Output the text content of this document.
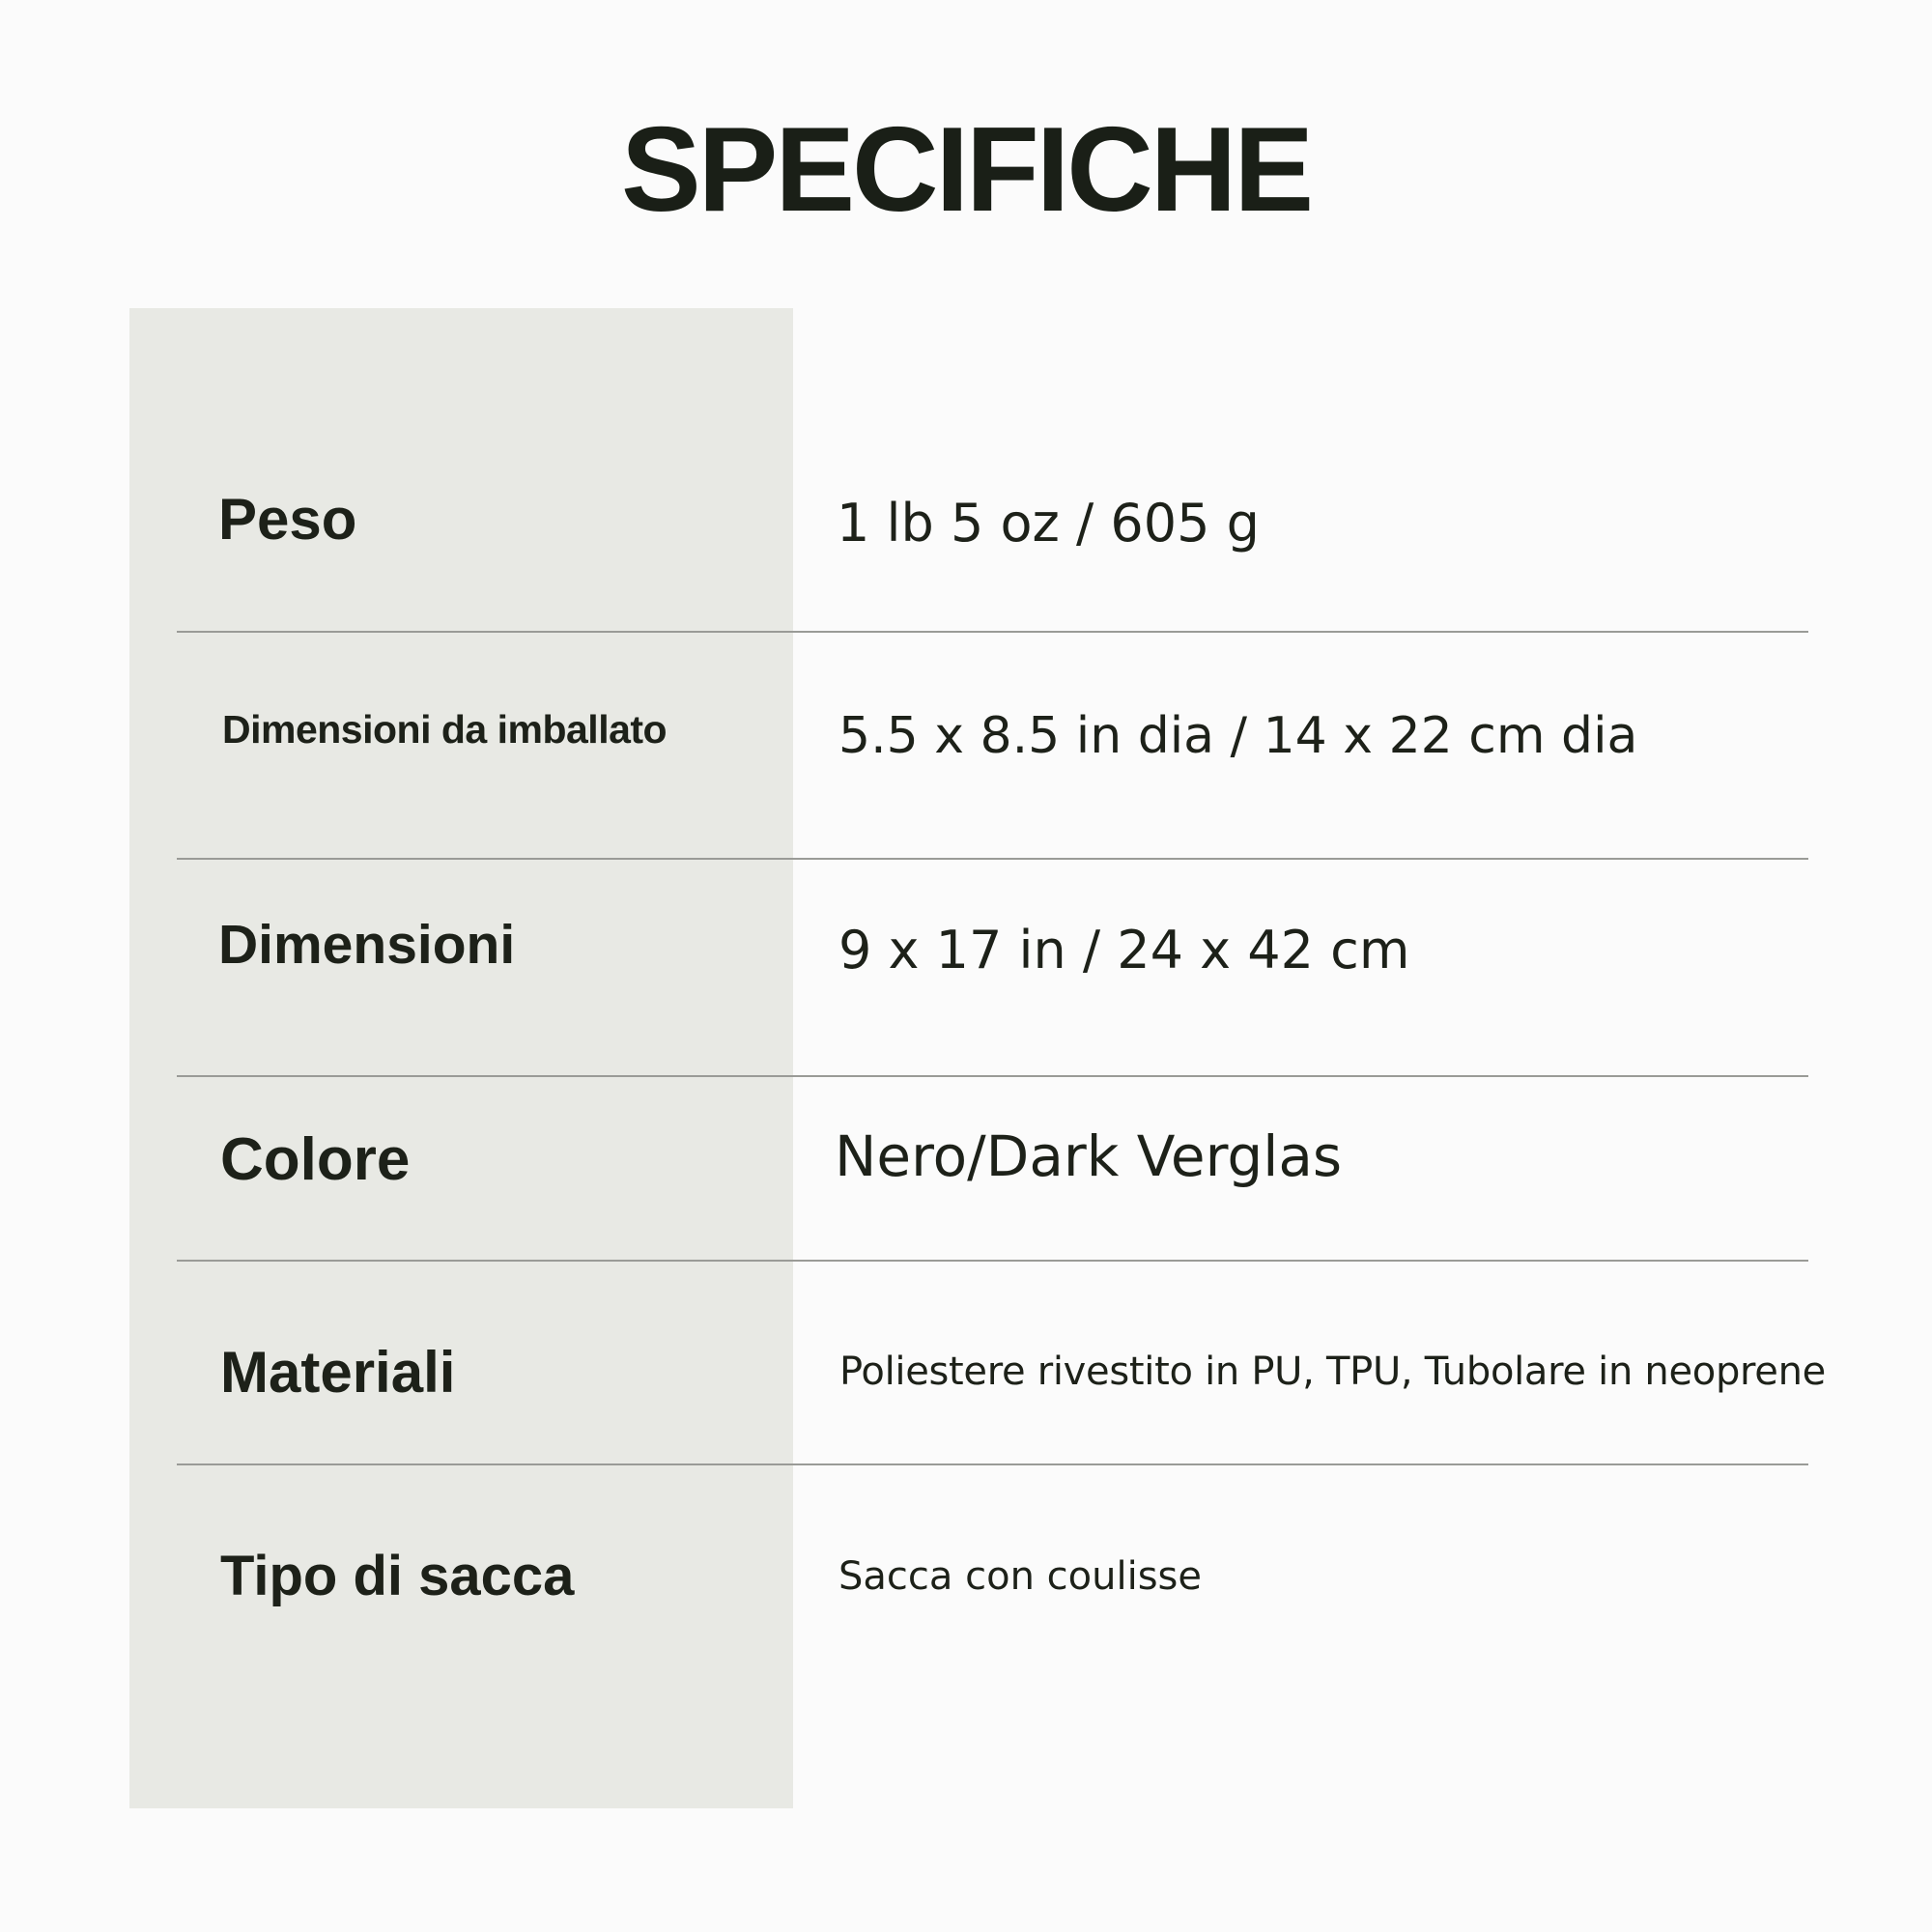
SPECIFICHE
Peso	1 lb 5 oz / 605 g
Dimensioni da imballato	5.5 x 8.5 in dia / 14 x 22 cm dia
Dimensioni	9 x 17 in / 24 x 42 cm
Colore	Nero/Dark Verglas
Materiali	Poliestere rivestito in PU, TPU, Tubolare in neoprene
Tipo di sacca	Sacca con coulisse
